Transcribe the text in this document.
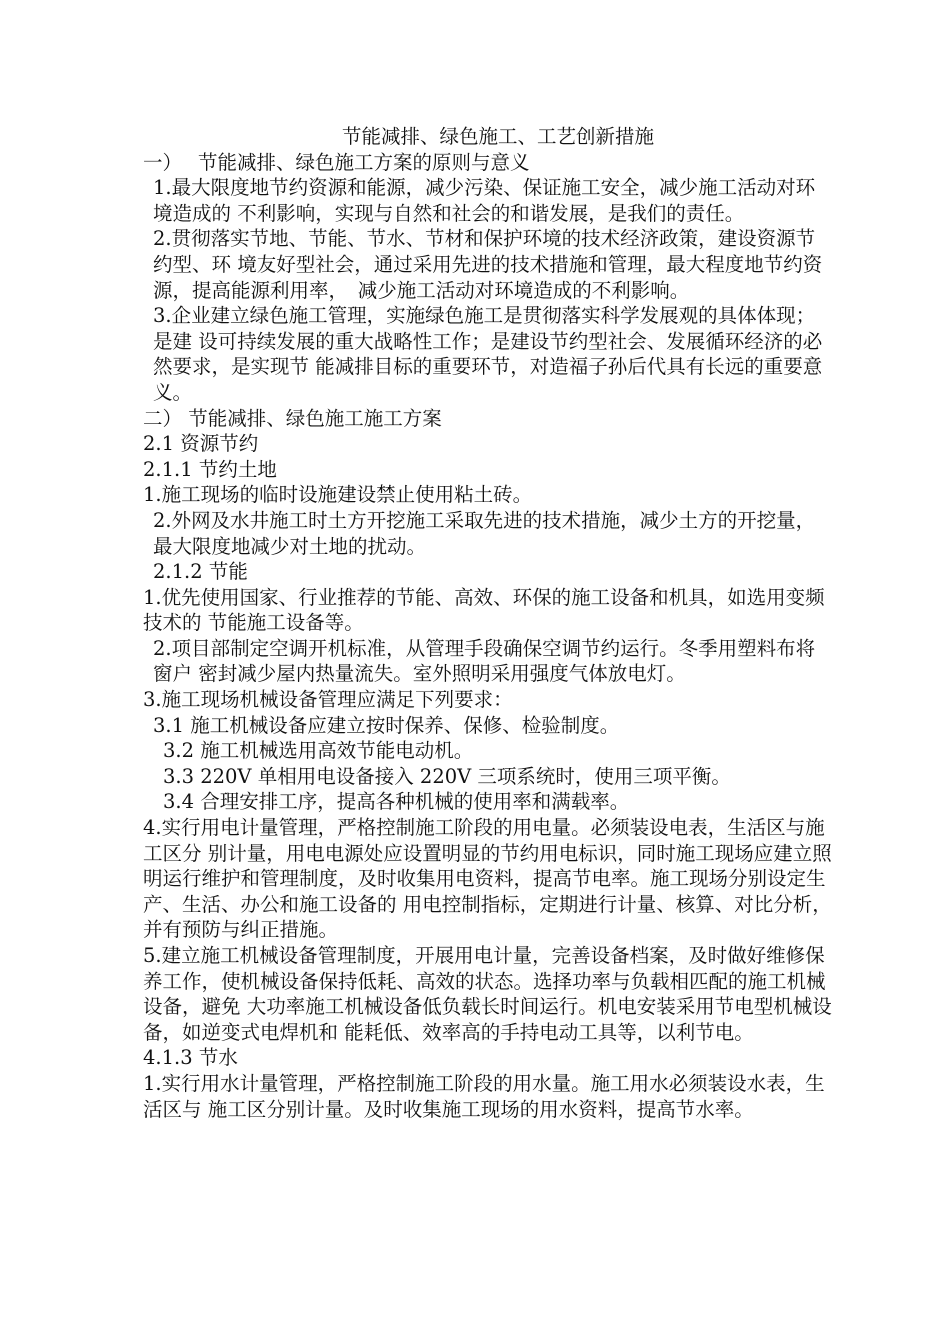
节能减排、绿色施工、工艺创新措施

一）　 节能减排、绿色施工方案的原则与意义

1.最大限度地节约资源和能源，减少污染、保证施工安全，减少施工活动对环境造成的 不利影响，实现与自然和社会的和谐发展，是我们的责任。

2.贯彻落实节地、节能、节水、节材和保护环境的技术经济政策，建设资源节约型、环 境友好型社会，通过采用先进的技术措施和管理，最大程度地节约资源，提高能源利用率，　减少施工活动对环境造成的不利影响。

3.企业建立绿色施工管理，实施绿色施工是贯彻落实科学发展观的具体体现；是建 设可持续发展的重大战略性工作；是建设节约型社会、发展循环经济的必然要求，是实现节 能减排目标的重要环节，对造福子孙后代具有长远的重要意义。

二） 节能减排、绿色施工施工方案

2.1 资源节约

2.1.1 节约土地

1.施工现场的临时设施建设禁止使用粘土砖。

2.外网及水井施工时土方开挖施工采取先进的技术措施，减少土方的开挖量，最大限度地减少对土地的扰动。

2.1.2 节能

1.优先使用国家、行业推荐的节能、高效、环保的施工设备和机具，如选用变频技术的 节能施工设备等。

2.项目部制定空调开机标准，从管理手段确保空调节约运行。冬季用塑料布将窗户 密封减少屋内热量流失。室外照明采用强度气体放电灯。

3.施工现场机械设备管理应满足下列要求：

3.1 施工机械设备应建立按时保养、保修、检验制度。

3.2 施工机械选用高效节能电动机。

3.3 220V 单相用电设备接入 220V 三项系统时，使用三项平衡。

3.4 合理安排工序，提高各种机械的使用率和满载率。

4.实行用电计量管理，严格控制施工阶段的用电量。必须装设电表，生活区与施工区分 别计量，用电电源处应设置明显的节约用电标识，同时施工现场应建立照明运行维护和管理制度，及时收集用电资料，提高节电率。施工现场分别设定生产、生活、办公和施工设备的 用电控制指标，定期进行计量、核算、对比分析，并有预防与纠正措施。

5.建立施工机械设备管理制度，开展用电计量，完善设备档案，及时做好维修保 养工作，使机械设备保持低耗、高效的状态。选择功率与负载相匹配的施工机械设备，避免 大功率施工机械设备低负载长时间运行。机电安装采用节电型机械设备，如逆变式电焊机和 能耗低、效率高的手持电动工具等，以利节电。

4.1.3 节水

1.实行用水计量管理，严格控制施工阶段的用水量。施工用水必须装设水表，生活区与 施工区分别计量。及时收集施工现场的用水资料，提高节水率。
